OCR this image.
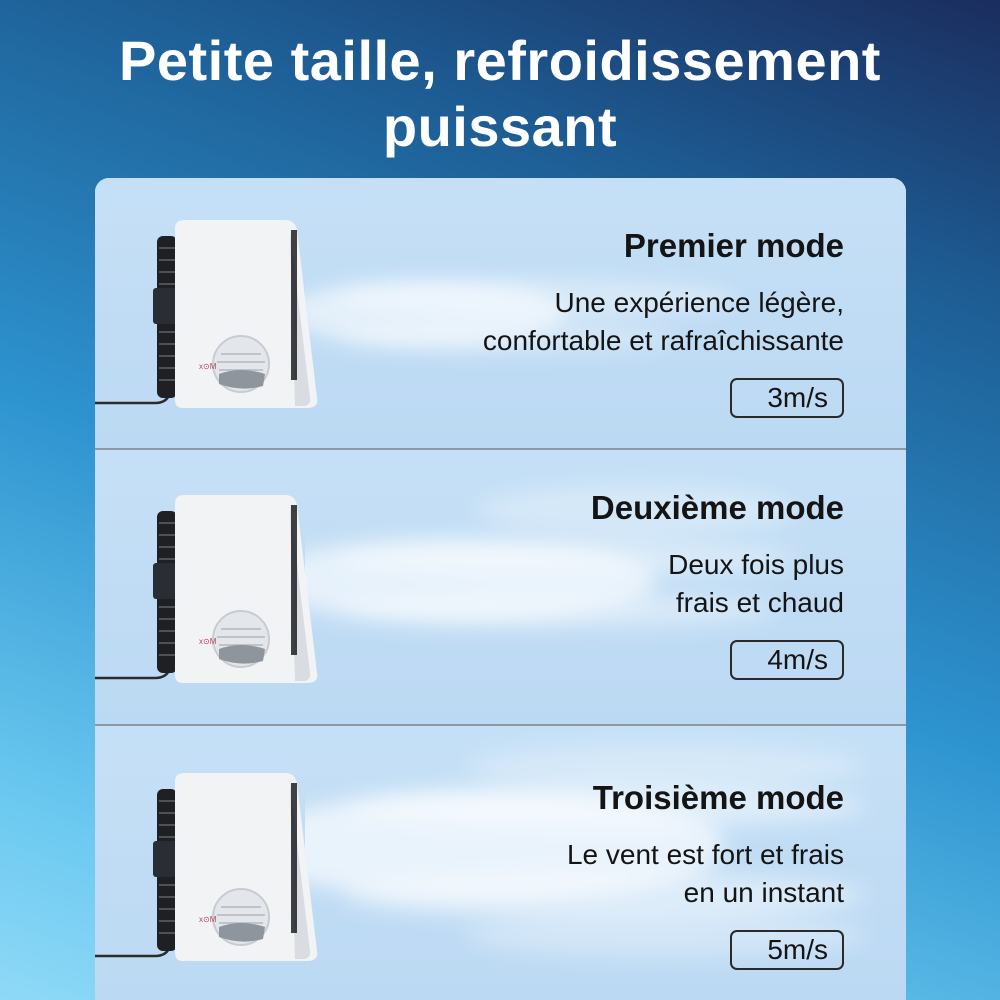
Petite taille, refroidissement
puissant
x⊙M
Premier mode
Une expérience légère,
confortable et rafraîchissante
3m/s
x⊙M
Deuxième mode
Deux fois plus
frais et chaud
4m/s
x⊙M
Troisième mode
Le vent est fort et frais
en un instant
5m/s
